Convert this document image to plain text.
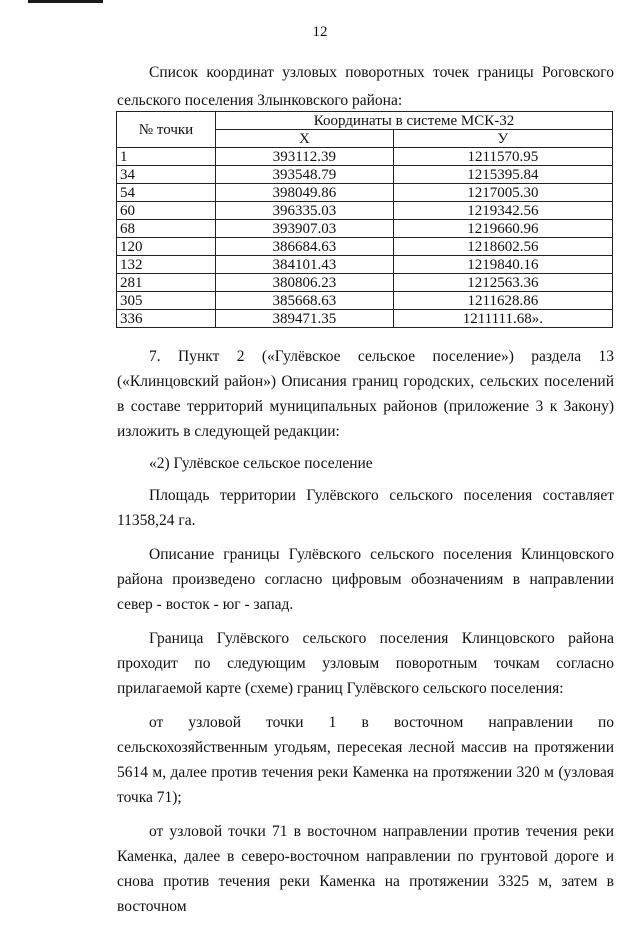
12
Список координат узловых поворотных точек границы Роговского
сельского поселения Злынковского района:
№ точки	Координаты в системе МСК-32	
	X	У
1	393112.39	1211570.95
34	393548.79	1215395.84
54	398049.86	1217005.30
60	396335.03	1219342.56
68	393907.03	1219660.96
120	386684.63	1218602.56
132	384101.43	1219840.16
281	380806.23	1212563.36
305	385668.63	1211628.86
336	389471.35	1211111.68».

7. Пункт 2 («Гулёвское сельское поселение») раздела 13 («Клинцовский район») Описания границ городских, сельских поселений в составе территорий муниципальных районов (приложение 3 к Закону) изложить в следующей редакции:

«2) Гулёвское сельское поселение

Площадь территории Гулёвского сельского поселения составляет 11358,24 га.

Описание границы Гулёвского сельского поселения Клинцовского района произведено согласно цифровым обозначениям в направлении север - восток - юг - запад.

Граница Гулёвского сельского поселения Клинцовского района проходит по следующим узловым поворотным точкам согласно прилагаемой карте (схеме) границ Гулёвского сельского поселения:

от узловой точки 1 в восточном направлении по сельскохозяйственным угодьям, пересекая лесной массив на протяжении 5614 м, далее против течения реки Каменка на протяжении 320 м (узловая точка 71);

от узловой точки 71 в восточном направлении против течения реки Каменка, далее в северо-восточном направлении по грунтовой дороге и снова против течения реки Каменка на протяжении 3325 м, затем в восточном
